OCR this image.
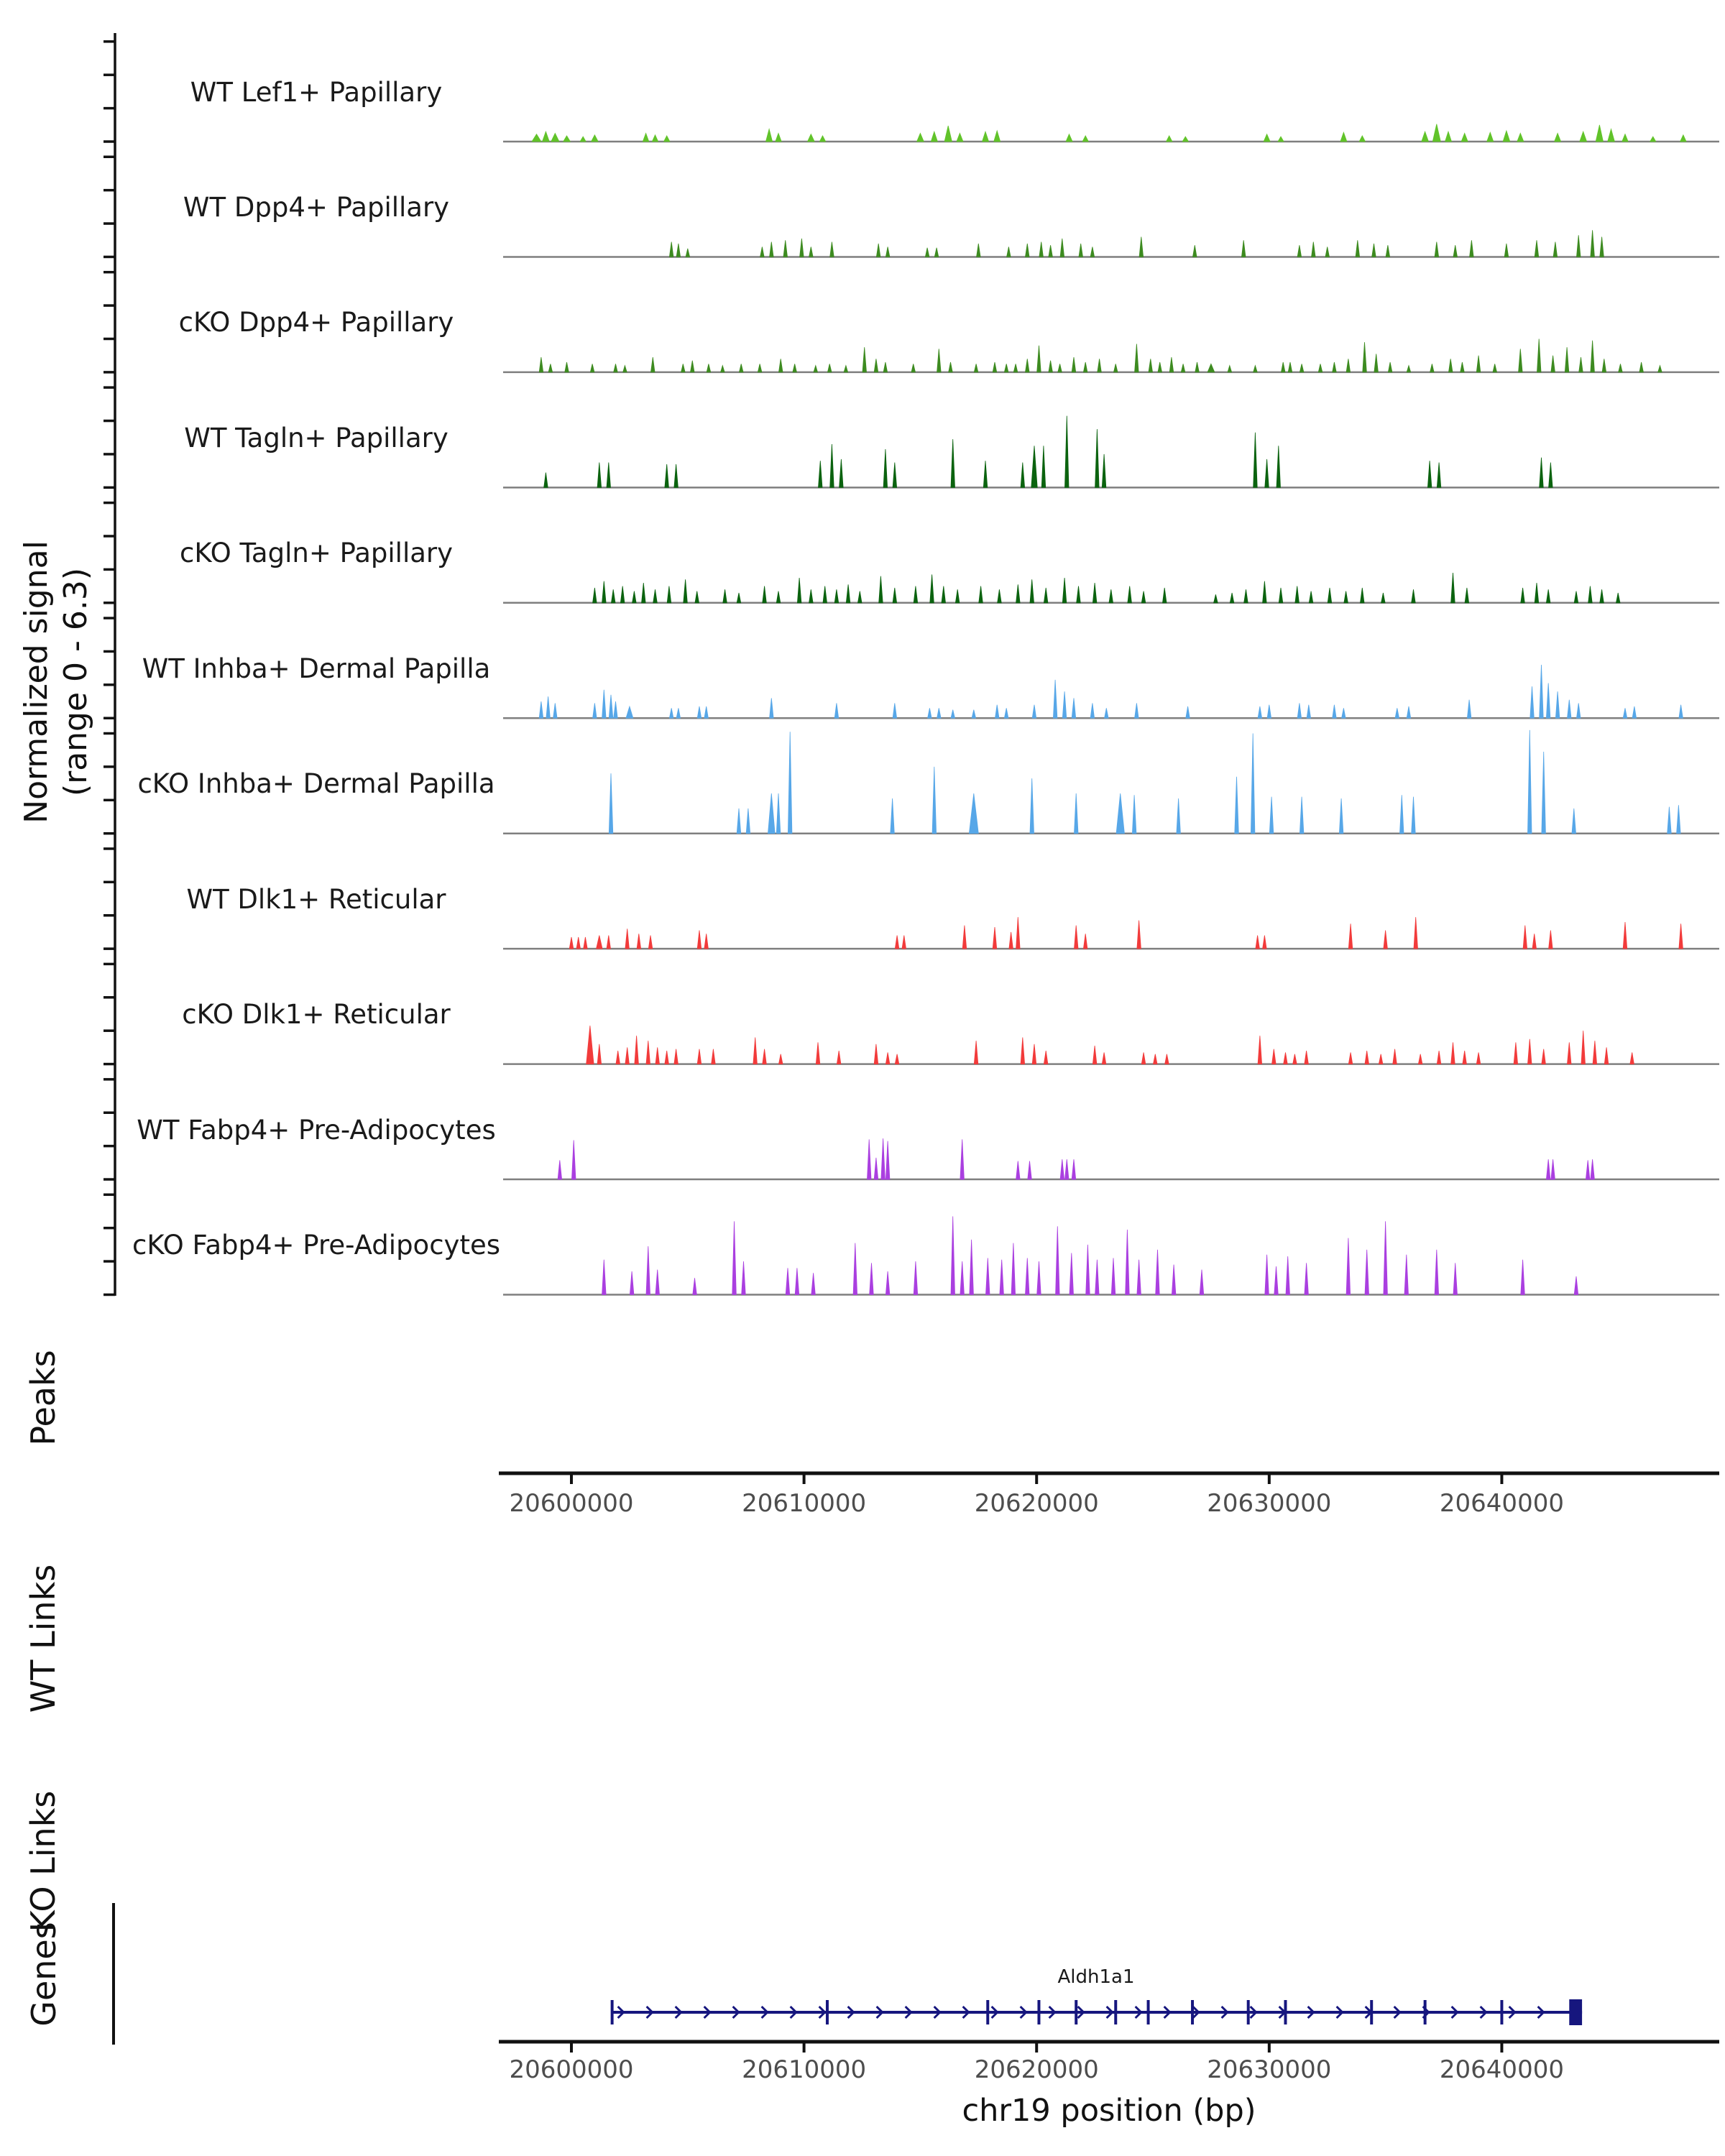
Normalized signal (range 0 - 6.3)
Peaks
WT Links
KO Links
Genes
WT Lef1+ Papillary
WT Dpp4+ Papillary
cKO Dpp4+ Papillary
WT Tagln+ Papillary
cKO Tagln+ Papillary
WT Inhba+ Dermal Papilla
cKO Inhba+ Dermal Papilla
WT Dlk1+ Reticular
cKO Dlk1+ Reticular
WT Fabp4+ Pre-Adipocytes
cKO Fabp4+ Pre-Adipocytes
20600000	20610000	20620000	20630000	20640000
20600000	20610000	20620000	20630000	20640000
chr19 position (bp)
Aldh1a1
